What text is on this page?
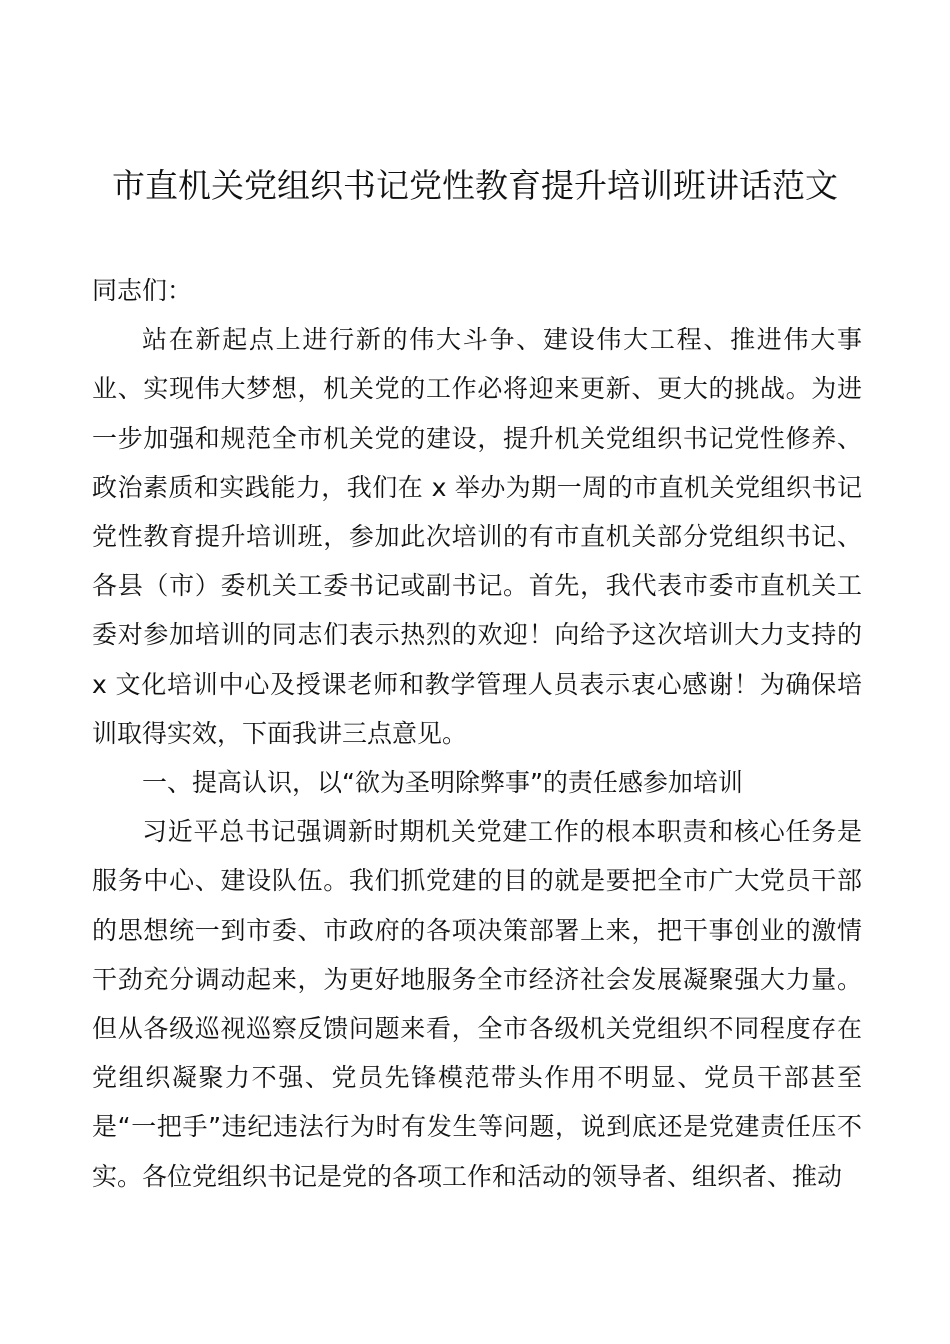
市直机关党组织书记党性教育提升培训班讲话范文

同志们：

站在新起点上进行新的伟大斗争、建设伟大工程、推进伟大事业、实现伟大梦想，机关党的工作必将迎来更新、更大的挑战。为进一步加强和规范全市机关党的建设，提升机关党组织书记党性修养、政治素质和实践能力，我们在 x 举办为期一周的市直机关党组织书记党性教育提升培训班，参加此次培训的有市直机关部分党组织书记、各县（市）委机关工委书记或副书记。首先，我代表市委市直机关工委对参加培训的同志们表示热烈的欢迎！向给予这次培训大力支持的 x 文化培训中心及授课老师和教学管理人员表示衷心感谢！为确保培训取得实效，下面我讲三点意见。

一、提高认识，以“欲为圣明除弊事”的责任感参加培训

习近平总书记强调新时期机关党建工作的根本职责和核心任务是服务中心、建设队伍。我们抓党建的目的就是要把全市广大党员干部的思想统一到市委、市政府的各项决策部署上来，把干事创业的激情干劲充分调动起来，为更好地服务全市经济社会发展凝聚强大力量。但从各级巡视巡察反馈问题来看，全市各级机关党组织不同程度存在党组织凝聚力不强、党员先锋模范带头作用不明显、党员干部甚至是“一把手”违纪违法行为时有发生等问题，说到底还是党建责任压不实。各位党组织书记是党的各项工作和活动的领导者、组织者、推动
